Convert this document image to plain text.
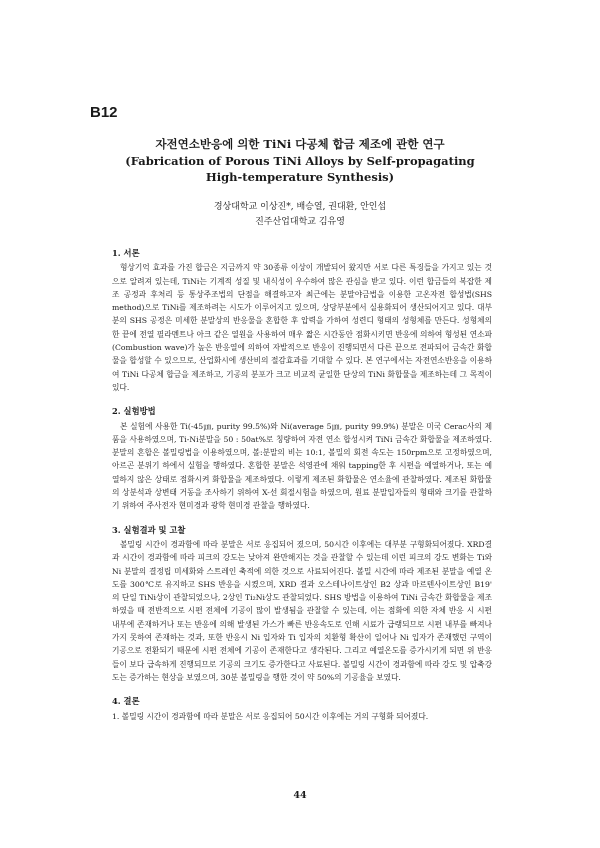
B12
자전연소반응에 의한 TiNi 다공체 합금 제조에 관한 연구
(Fabrication of Porous TiNi Alloys by Self-propagating
High-temperature Synthesis)
경상대학교 이상진*, 배승열, 권대환, 안인섭
진주산업대학교 김유영
1. 서론
형상기억 효과를 가진 합금은 지금까지 약 30종류 이상이 개발되어 왔지만 서로 다른 특징들을 가지고 있는 것으로 알려져 있는데, TiNi는 기계적 성질 및 내식성이 우수하여 많은 관심을 받고 있다. 이런 합금들의 복잡한 제조 공정과 후처리 등 통상주조법의 단점을 해결하고자 최근에는 분말야금법을 이용한 고온자전 합성법(SHS method)으로 TiNi를 제조하려는 시도가 이루어지고 있으며, 상당부분에서 실용화되어 생산되어지고 있다. 대부분의 SHS 공정은 미세한 분말상의 반응물을 혼합한 후 압력을 가하여 성련디 형태의 성형체를 만든다. 성형체의 한 끝에 전열 필라멘트나 아크 같은 열원을 사용하여 매우 짧은 시간동안 점화시키면 반응에 의하여 형성된 연소파(Combustion wave)가 높은 반응열에 의하여 자발적으로 반응이 진행되면서 다른 끝으로 전파되어 금속간 화합물을 합성할 수 있으므로, 산업화시에 생산비의 절감효과를 기대할 수 있다. 본 연구에서는 자전연소반응을 이용하여 TiNi 다공체 합금을 제조하고, 기공의 분포가 크고 비교적 균일한 단상의 TiNi 화합물을 제조하는데 그 목적이 있다.
2. 실험방법
본 실험에 사용한 Ti(-45㎛, purity 99.5%)와 Ni(average 5㎛, purity 99.9%) 분말은 미국 Cerac사의 제품을 사용하였으며, Ti-Ni분말을 50 : 50at%로 칭량하여 자전 연소 합성시켜 TiNi 금속간 화합물을 제조하였다. 분말의 혼합은 볼밀링법을 이용하였으며, 볼:분말의 비는 10:1, 볼밀의 회전 속도는 150rpm으로 고정하였으며, 아르곤 분위기 하에서 실험을 행하였다. 혼합한 분말은 석영관에 채워 tapping한 후 시편을 예열하거나, 또는 예열하지 않은 상태로 점화시켜 화합물을 제조하였다. 이렇게 제조된 화합물은 연소율에 관찰하였다. 제조된 화합물의 상분석과 상변태 거동을 조사하기 위하여 X-선 회절시험을 하였으며, 원료 분말입자들의 형태와 크기를 관찰하기 위하여 주사전자 현미경과 광학 현미경 관찰을 행하였다.
3. 실험결과 및 고찰
볼밀링 시간이 경과함에 따라 분말은 서로 응집되어 졌으며, 50시간 이후에는 대부분 구형화되어졌다. XRD결과 시간이 경과함에 따라 피크의 강도는 낮아져 완만해지는 것을 관찰할 수 있는데 이런 피크의 강도 변화는 Ti와 Ni 분말의 결정립 미세화와 스트레인 축적에 의한 것으로 사료되어진다. 볼밀 시간에 따라 제조된 분말을 예열 온도를 300℃로 유지하고 SHS 반응을 시켰으며, XRD 결과 오스테나이트상인 B2 상과 마르텐사이트상인 B19' 의 단일 TiNi상이 관찰되었으나, 2상인 Ti₂Ni상도 관찰되었다. SHS 방법을 이용하여 TiNi 금속간 화합물을 제조하였을 때 전반적으로 시편 전체에 기공이 많이 발생됨을 관찰할 수 있는데, 이는 점화에 의한 자체 반응 시 시편 내부에 존재하거나 또는 반응에 의해 발생된 가스가 빠른 반응속도로 인해 시료가 급랭되므로 시편 내부를 빠져나가지 못하여 존재하는 것과, 또한 반응시 Ni 입자와 Ti 입자의 치환형 확산이 일어나 Ni 입자가 존재했던 구역이 기공으로 전환되기 때문에 시편 전체에 기공이 존재한다고 생각된다. 그리고 예열온도를 증가시키게 되면 위 반응들이 보다 급속하게 진행되므로 기공의 크기도 증가한다고 사료된다. 볼밀링 시간이 경과함에 따라 강도 및 압축강도는 증가하는 현상을 보였으며, 30분 볼밀링을 행한 것이 약 50%의 기공율을 보였다.
4. 결론
1. 볼밀링 시간이 경과함에 따라 분말은 서로 응집되어 50시간 이후에는 거의 구형화 되어졌다.
44
